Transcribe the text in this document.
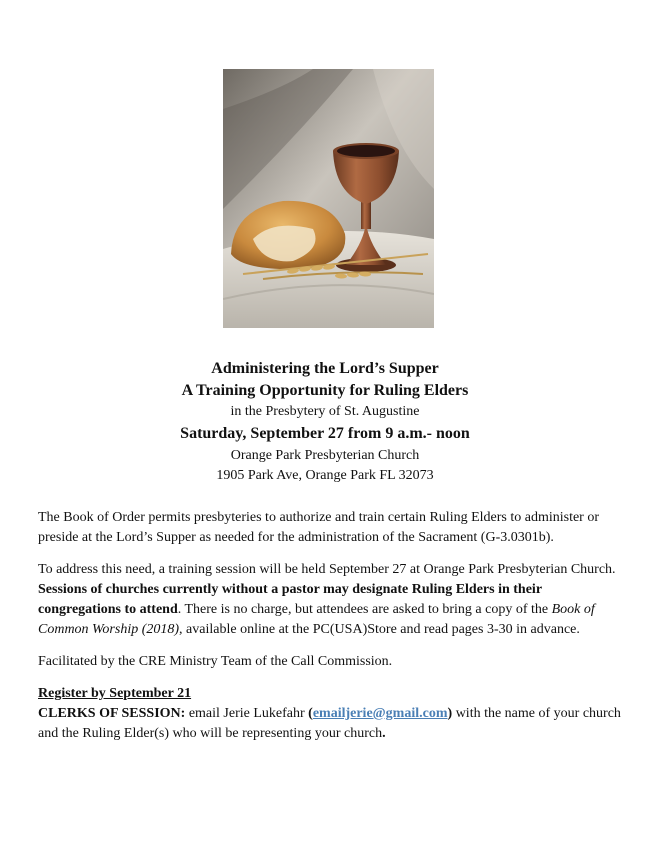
Administering the Lord’s Supper
A Training Opportunity for Ruling Elders
in the Presbytery of St. Augustine
Saturday, September 27 from 9 a.m.- noon
Orange Park Presbyterian Church
1905 Park Ave, Orange Park FL 32073

The Book of Order permits presbyteries to authorize and train certain Ruling Elders to administer or preside at the Lord’s Supper as needed for the administration of the Sacrament (G-3.0301b).

To address this need, a training session will be held September 27 at Orange Park Presbyterian Church. Sessions of churches currently without a pastor may designate Ruling Elders in their congregations to attend. There is no charge, but attendees are asked to bring a copy of the Book of Common Worship (2018), available online at the PC(USA)Store and read pages 3-30 in advance.

Facilitated by the CRE Ministry Team of the Call Commission.

Register by September 21
CLERKS OF SESSION: email Jerie Lukefahr (emailjerie@gmail.com) with the name of your church and the Ruling Elder(s) who will be representing your church.
